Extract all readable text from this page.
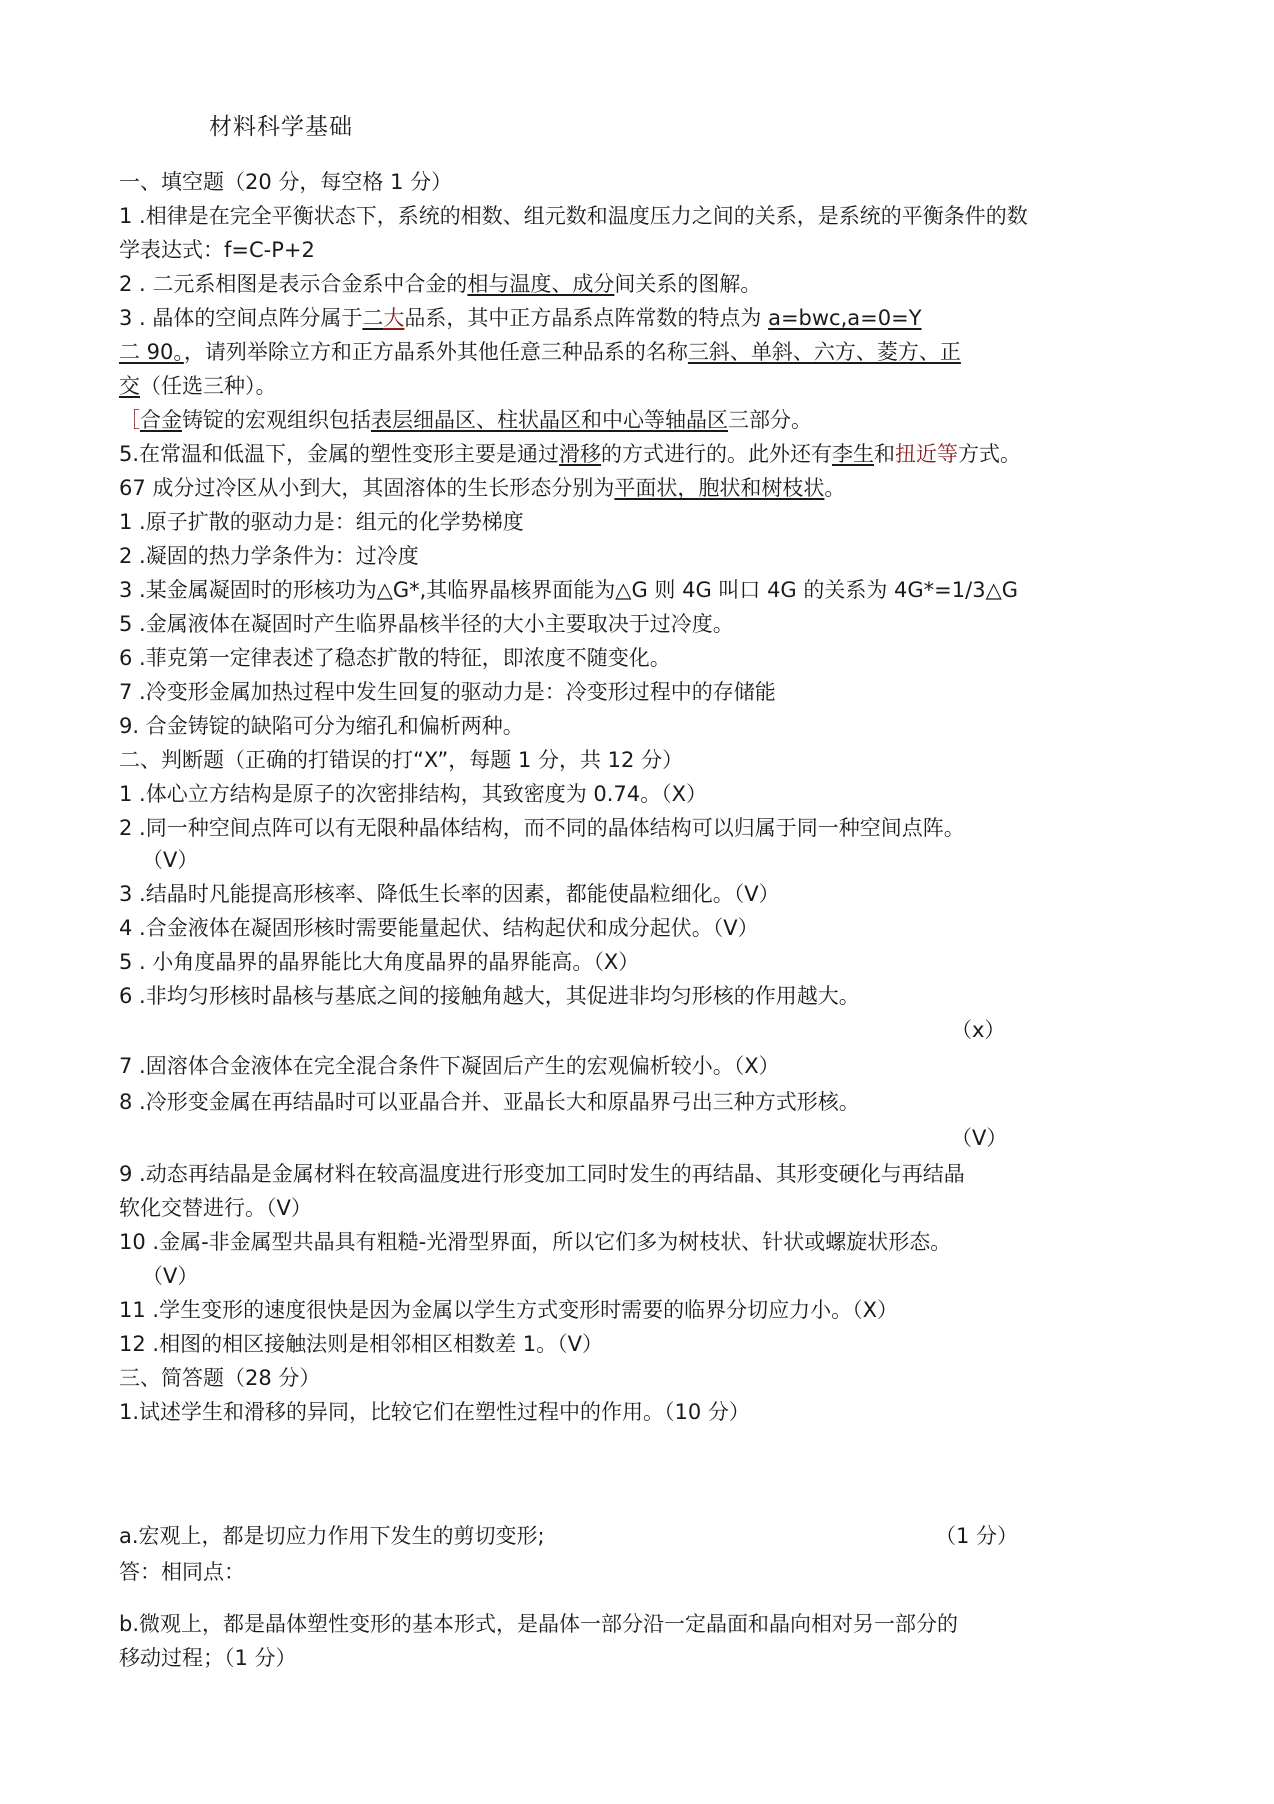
材料科学基础
一、填空题（20 分，每空格 1 分）
1 .相律是在完全平衡状态下，系统的相数、组元数和温度压力之间的关系，是系统的平衡条件的数
学表达式：f=C-P+2
2 . 二元系相图是表示合金系中合金的相与温度、成分间关系的图解。
3 . 晶体的空间点阵分属于二大品系，其中正方晶系点阵常数的特点为 a=bwc,a=0=Y
二 90。，请列举除立方和正方晶系外其他任意三种品系的名称三斜、单斜、六方、菱方、正
交（任选三种）。
［合金铸锭的宏观组织包括表层细晶区、柱状晶区和中心等轴晶区三部分。
5.在常温和低温下，金属的塑性变形主要是通过滑移的方式进行的。此外还有李生和扭近等方式。
67 成分过冷区从小到大，其固溶体的生长形态分别为平面状，胞状和树枝状。
1 .原子扩散的驱动力是：组元的化学势梯度
2 .凝固的热力学条件为：过冷度
3 .某金属凝固时的形核功为△G*,其临界晶核界面能为△G 则 4G 叫口 4G 的关系为 4G*=1/3△G
5 .金属液体在凝固时产生临界晶核半径的大小主要取决于过冷度。
6 .菲克第一定律表述了稳态扩散的特征，即浓度不随变化。
7 .冷变形金属加热过程中发生回复的驱动力是：冷变形过程中的存储能
9. 合金铸锭的缺陷可分为缩孔和偏析两种。
二、判断题（正确的打错误的打“X”，每题 1 分，共 12 分）
1 .体心立方结构是原子的次密排结构，其致密度为 0.74。（X）
2 .同一种空间点阵可以有无限种晶体结构，而不同的晶体结构可以归属于同一种空间点阵。
（V）
3 .结晶时凡能提高形核率、降低生长率的因素，都能使晶粒细化。（V）
4 .合金液体在凝固形核时需要能量起伏、结构起伏和成分起伏。（V）
5 . 小角度晶界的晶界能比大角度晶界的晶界能高。（X）
6 .非均匀形核时晶核与基底之间的接触角越大，其促进非均匀形核的作用越大。
（x）
7 .固溶体合金液体在完全混合条件下凝固后产生的宏观偏析较小。（X）
8 .冷形变金属在再结晶时可以亚晶合并、亚晶长大和原晶界弓出三种方式形核。
（V）
9 .动态再结晶是金属材料在较高温度进行形变加工同时发生的再结晶、其形变硬化与再结晶
软化交替进行。（V）
10 .金属-非金属型共晶具有粗糙-光滑型界面，所以它们多为树枝状、针状或螺旋状形态。
（V）
11 .学生变形的速度很快是因为金属以学生方式变形时需要的临界分切应力小。（X）
12 .相图的相区接触法则是相邻相区相数差 1。（V）
三、简答题（28 分）
1.试述学生和滑移的异同，比较它们在塑性过程中的作用。（10 分）
a.宏观上，都是切应力作用下发生的剪切变形;	（1 分）
答：相同点：
b.微观上，都是晶体塑性变形的基本形式，是晶体一部分沿一定晶面和晶向相对另一部分的
移动过程；（1 分）
